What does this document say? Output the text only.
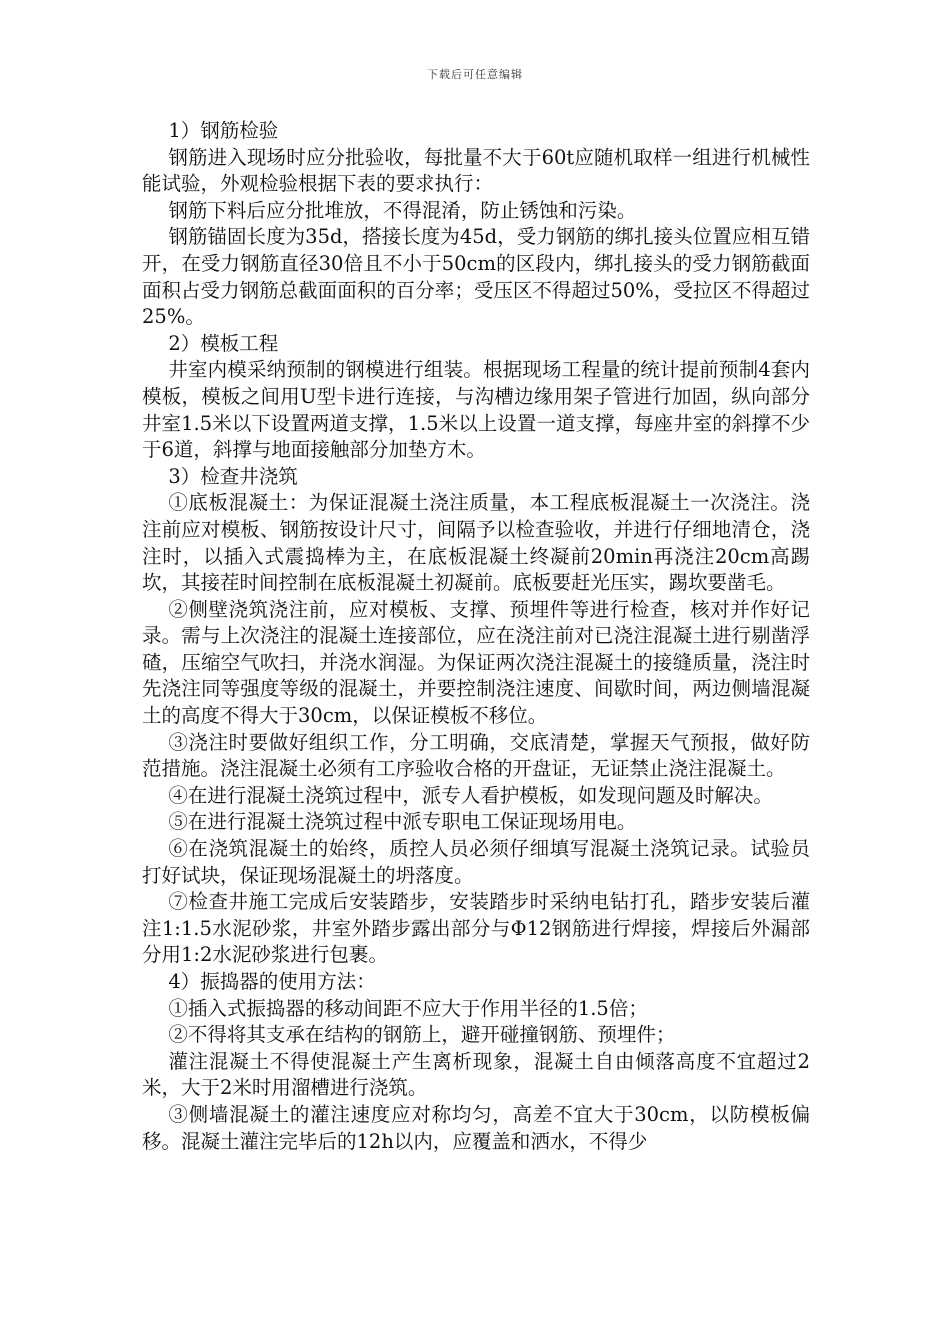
下载后可任意编辑

1）钢筋检验

钢筋进入现场时应分批验收，每批量不大于60t应随机取样一组进行机械性能试验，外观检验根据下表的要求执行：

钢筋下料后应分批堆放，不得混淆，防止锈蚀和污染。

钢筋锚固长度为35d，搭接长度为45d，受力钢筋的绑扎接头位置应相互错开，在受力钢筋直径30倍且不小于50cm的区段内，绑扎接头的受力钢筋截面面积占受力钢筋总截面面积的百分率；受压区不得超过50%，受拉区不得超过25%。

2）模板工程

井室内模采纳预制的钢模进行组装。根据现场工程量的统计提前预制4套内模板，模板之间用U型卡进行连接，与沟槽边缘用架子管进行加固，纵向部分井室1.5米以下设置两道支撑，1.5米以上设置一道支撑，每座井室的斜撑不少于6道，斜撑与地面接触部分加垫方木。

3）检查井浇筑

①底板混凝土：为保证混凝土浇注质量，本工程底板混凝土一次浇注。浇注前应对模板、钢筋按设计尺寸，间隔予以检查验收，并进行仔细地清仓，浇注时，以插入式震捣棒为主，在底板混凝土终凝前20min再浇注20cm高踢坎，其接茬时间控制在底板混凝土初凝前。底板要赶光压实，踢坎要凿毛。

②侧壁浇筑浇注前，应对模板、支撑、预埋件等进行检查，核对并作好记录。需与上次浇注的混凝土连接部位，应在浇注前对已浇注混凝土进行剔凿浮碴，压缩空气吹扫，并浇水润湿。为保证两次浇注混凝土的接缝质量，浇注时先浇注同等强度等级的混凝土，并要控制浇注速度、间歇时间，两边侧墙混凝土的高度不得大于30cm，以保证模板不移位。

③浇注时要做好组织工作，分工明确，交底清楚，掌握天气预报，做好防范措施。浇注混凝土必须有工序验收合格的开盘证，无证禁止浇注混凝土。

④在进行混凝土浇筑过程中，派专人看护模板，如发现问题及时解决。

⑤在进行混凝土浇筑过程中派专职电工保证现场用电。

⑥在浇筑混凝土的始终，质控人员必须仔细填写混凝土浇筑记录。试验员打好试块，保证现场混凝土的坍落度。

⑦检查井施工完成后安装踏步，安装踏步时采纳电钻打孔，踏步安装后灌注1:1.5水泥砂浆，井室外踏步露出部分与Φ12钢筋进行焊接，焊接后外漏部分用1:2水泥砂浆进行包裹。

4）振捣器的使用方法：

①插入式振捣器的移动间距不应大于作用半径的1.5倍；

②不得将其支承在结构的钢筋上，避开碰撞钢筋、预埋件；

灌注混凝土不得使混凝土产生离析现象，混凝土自由倾落高度不宜超过2米，大于2米时用溜槽进行浇筑。

③侧墙混凝土的灌注速度应对称均匀，高差不宜大于30cm，以防模板偏移。混凝土灌注完毕后的12h以内，应覆盖和洒水，不得少
